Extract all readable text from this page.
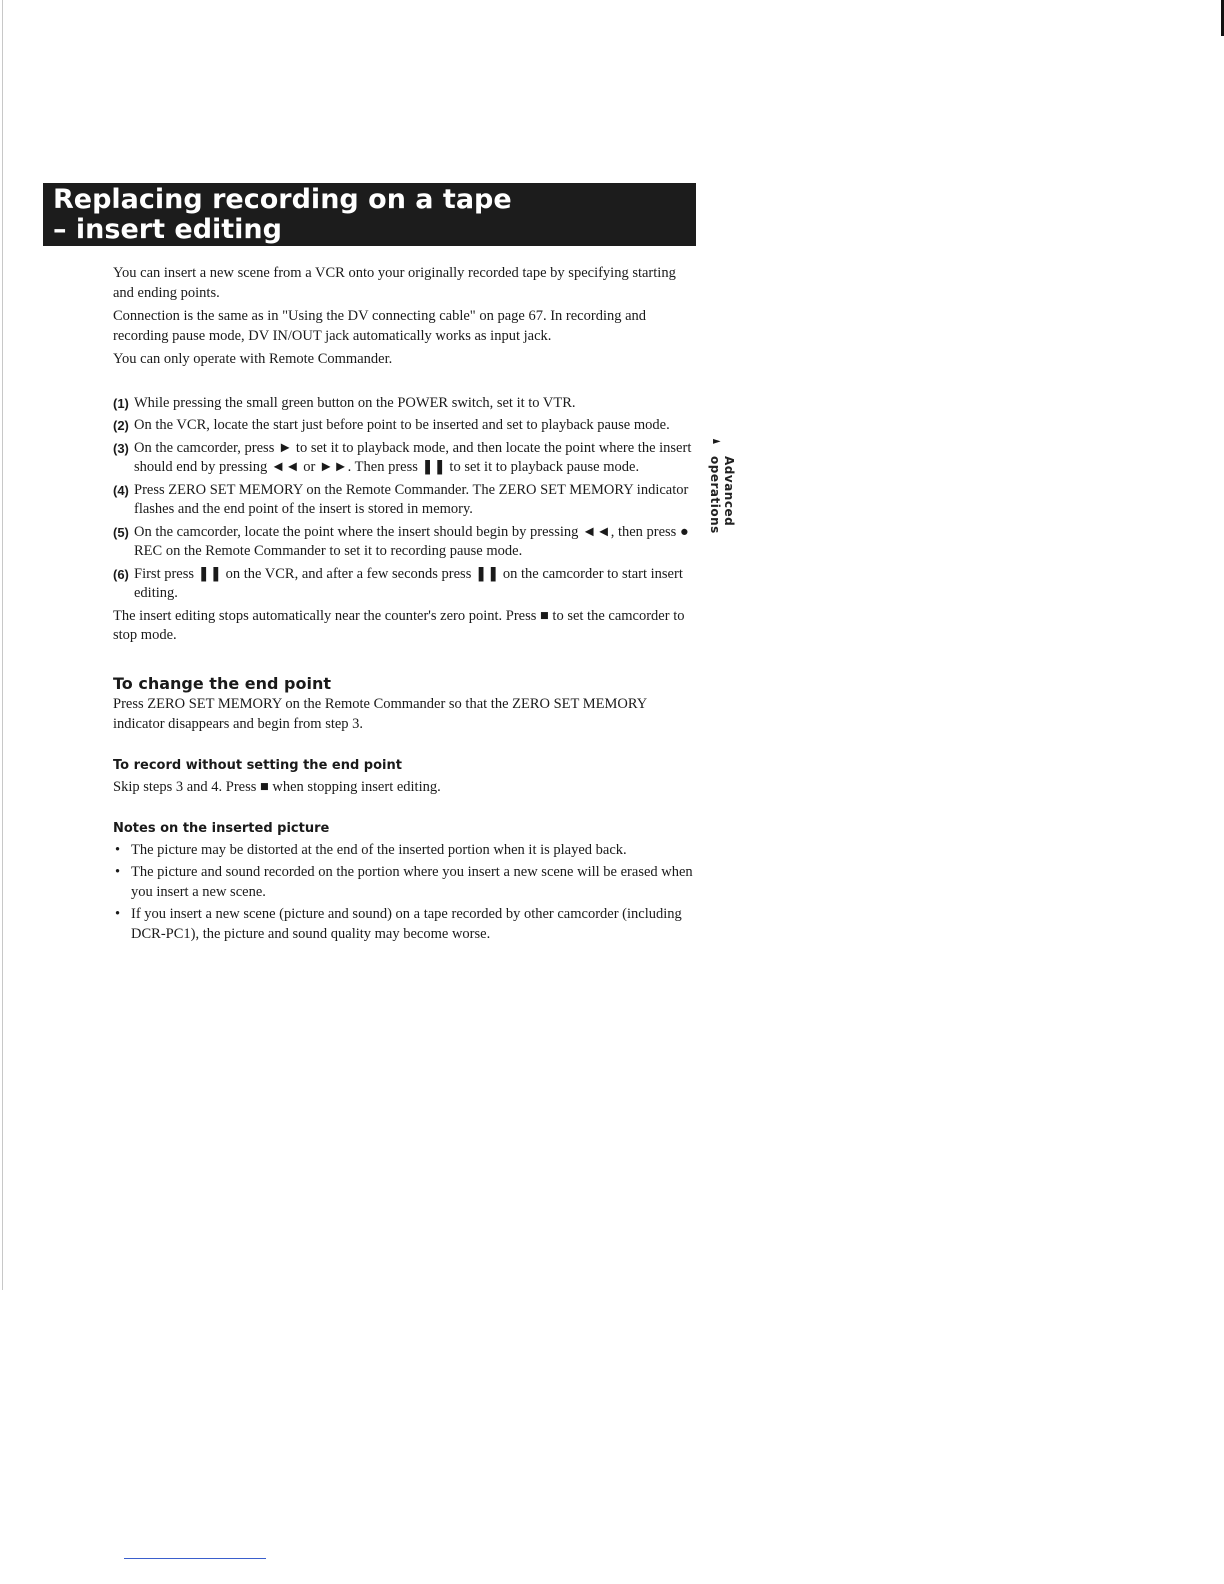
Replacing recording on a tape
– insert editing

You can insert a new scene from a VCR onto your originally recorded tape by specifying starting and ending points.

Connection is the same as in "Using the DV connecting cable" on page 67. In recording and recording pause mode, DV IN/OUT jack automatically works as input jack.

You can only operate with Remote Commander.

(1) While pressing the small green button on the POWER switch, set it to VTR.
(2) On the VCR, locate the start just before point to be inserted and set to playback pause mode.
(3) On the camcorder, press ► to set it to playback mode, and then locate the point where the insert should end by pressing ◄◄ or ►►. Then press ❚❚ to set it to playback pause mode.
(4) Press ZERO SET MEMORY on the Remote Commander. The ZERO SET MEMORY indicator flashes and the end point of the insert is stored in memory.
(5) On the camcorder, locate the point where the insert should begin by pressing ◄◄, then press ● REC on the Remote Commander to set it to recording pause mode.
(6) First press ❚❚ on the VCR, and after a few seconds press ❚❚ on the camcorder to start insert editing.

The insert editing stops automatically near the counter's zero point. Press ■ to set the camcorder to stop mode.

To change the end point

Press ZERO SET MEMORY on the Remote Commander so that the ZERO SET MEMORY indicator disappears and begin from step 3.

To record without setting the end point

Skip steps 3 and 4. Press ■ when stopping insert editing.

Notes on the inserted picture
• The picture may be distorted at the end of the inserted portion when it is played back.
• The picture and sound recorded on the portion where you insert a new scene will be erased when you insert a new scene.
• If you insert a new scene (picture and sound) on a tape recorded by other camcorder (including DCR-PC1), the picture and sound quality may become worse.
►
Advanced operations
